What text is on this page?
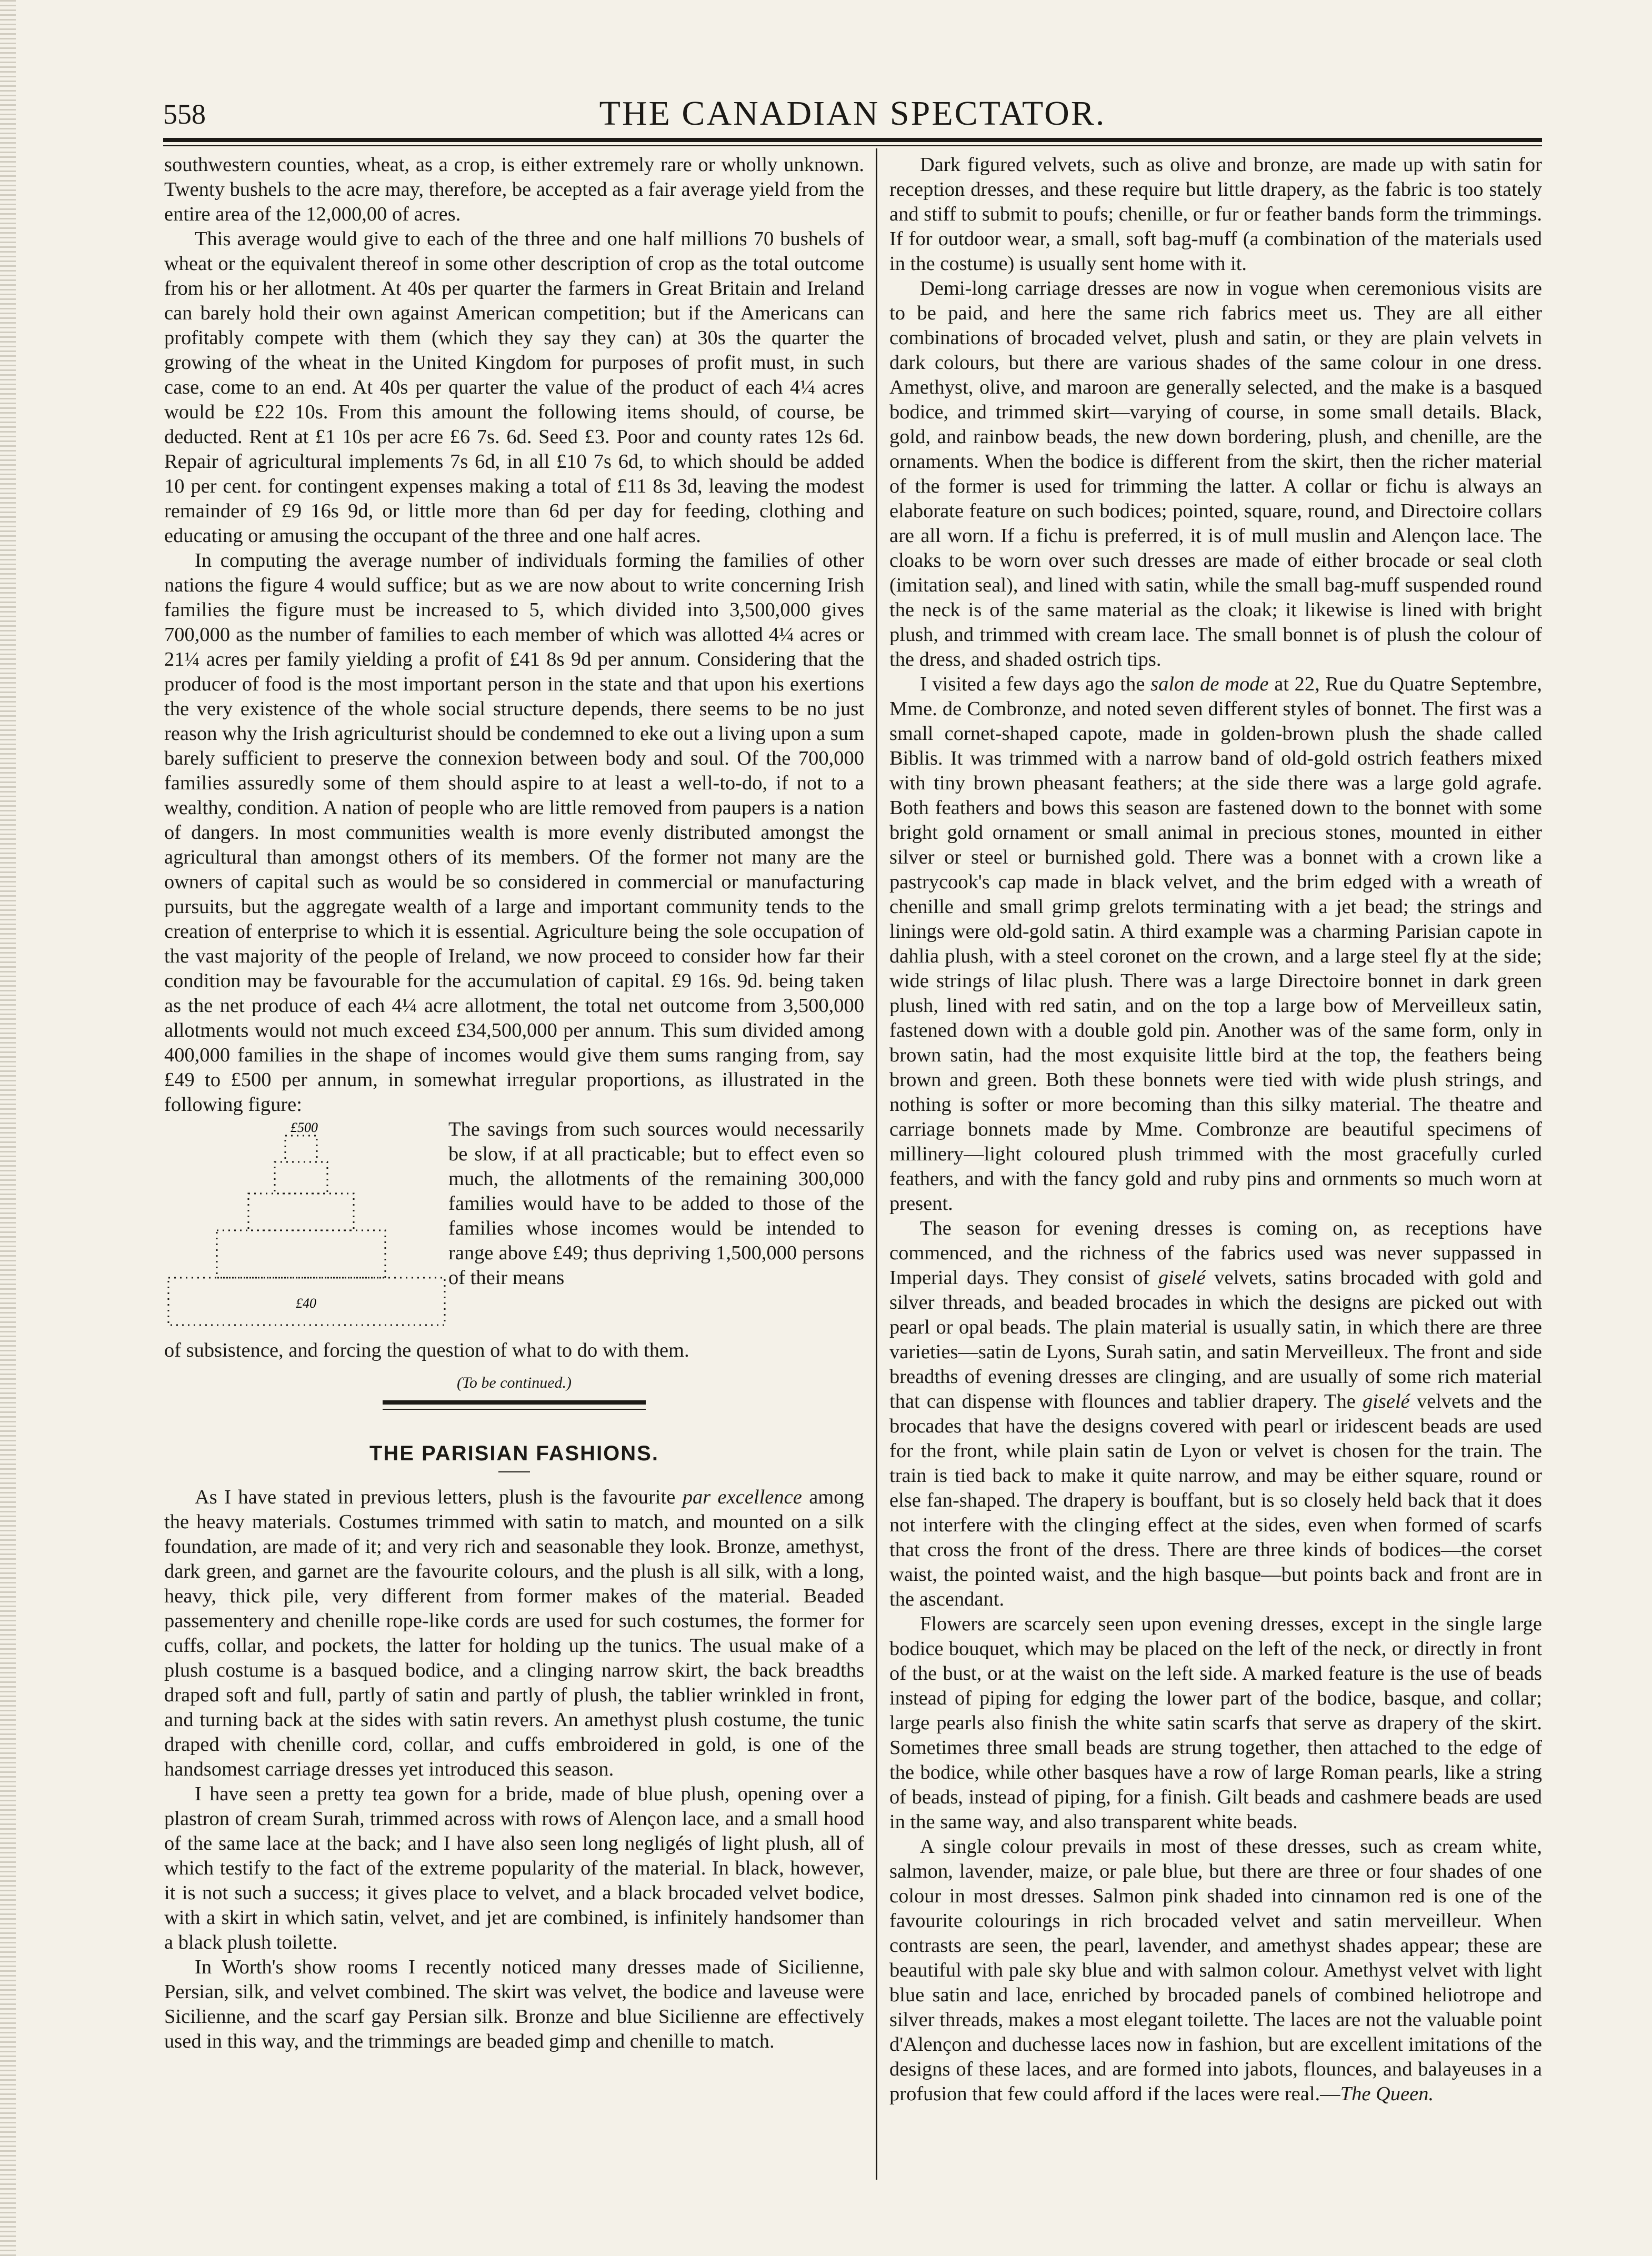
558	THE CANADIAN SPECTATOR.

southwestern counties, wheat, as a crop, is either extremely rare or wholly unknown. Twenty bushels to the acre may, therefore, be accepted as a fair average yield from the entire area of the 12,000,00 of acres.

This average would give to each of the three and one half millions 70 bushels of wheat or the equivalent thereof in some other description of crop as the total outcome from his or her allotment. At 40s per quarter the farmers in Great Britain and Ireland can barely hold their own against American competition; but if the Americans can profitably compete with them (which they say they can) at 30s the quarter the growing of the wheat in the United Kingdom for purposes of profit must, in such case, come to an end. At 40s per quarter the value of the product of each 4¼ acres would be £22 10s. From this amount the following items should, of course, be deducted. Rent at £1 10s per acre £6 7s. 6d. Seed £3. Poor and county rates 12s 6d. Repair of agricultural implements 7s 6d, in all £10 7s 6d, to which should be added 10 per cent. for contingent expenses making a total of £11 8s 3d, leaving the modest remainder of £9 16s 9d, or little more than 6d per day for feeding, clothing and educating or amusing the occupant of the three and one half acres.

In computing the average number of individuals forming the families of other nations the figure 4 would suffice; but as we are now about to write concerning Irish families the figure must be increased to 5, which divided into 3,500,000 gives 700,000 as the number of families to each member of which was allotted 4¼ acres or 21¼ acres per family yielding a profit of £41 8s 9d per annum. Considering that the producer of food is the most important person in the state and that upon his exertions the very existence of the whole social structure depends, there seems to be no just reason why the Irish agriculturist should be condemned to eke out a living upon a sum barely sufficient to preserve the connexion between body and soul. Of the 700,000 families assuredly some of them should aspire to at least a well-to-do, if not to a wealthy, condition. A nation of people who are little removed from paupers is a nation of dangers. In most communities wealth is more evenly distributed amongst the agricultural than amongst others of its members. Of the former not many are the owners of capital such as would be so considered in commercial or manufacturing pursuits, but the aggregate wealth of a large and important community tends to the creation of enterprise to which it is essential. Agriculture being the sole occupation of the vast majority of the people of Ireland, we now proceed to consider how far their condition may be favourable for the accumulation of capital. £9 16s. 9d. being taken as the net produce of each 4¼ acre allotment, the total net outcome from 3,500,000 allotments would not much exceed £34,500,000 per annum. This sum divided among 400,000 families in the shape of incomes would give them sums ranging from, say £49 to £500 per annum, in somewhat irregular proportions, as illustrated in the following figure:

£500
£40
The savings from such sources would necessarily be slow, if at all practicable; but to effect even so much, the allotments of the remaining 300,000 families would have to be added to those of the families whose incomes would be intended to range above £49; thus depriving 1,500,000 persons of their means

of subsistence, and forcing the question of what to do with them.

(To be continued.)
THE PARISIAN FASHIONS.

As I have stated in previous letters, plush is the favourite par excellence among the heavy materials. Costumes trimmed with satin to match, and mounted on a silk foundation, are made of it; and very rich and seasonable they look. Bronze, amethyst, dark green, and garnet are the favourite colours, and the plush is all silk, with a long, heavy, thick pile, very different from former makes of the material. Beaded passementery and chenille rope-like cords are used for such costumes, the former for cuffs, collar, and pockets, the latter for holding up the tunics. The usual make of a plush costume is a basqued bodice, and a clinging narrow skirt, the back breadths draped soft and full, partly of satin and partly of plush, the tablier wrinkled in front, and turning back at the sides with satin revers. An amethyst plush costume, the tunic draped with chenille cord, collar, and cuffs embroidered in gold, is one of the handsomest carriage dresses yet introduced this season.

I have seen a pretty tea gown for a bride, made of blue plush, opening over a plastron of cream Surah, trimmed across with rows of Alençon lace, and a small hood of the same lace at the back; and I have also seen long negligés of light plush, all of which testify to the fact of the extreme popularity of the material. In black, however, it is not such a success; it gives place to velvet, and a black brocaded velvet bodice, with a skirt in which satin, velvet, and jet are combined, is infinitely handsomer than a black plush toilette.

In Worth's show rooms I recently noticed many dresses made of Sicilienne, Persian, silk, and velvet combined. The skirt was velvet, the bodice and laveuse were Sicilienne, and the scarf gay Persian silk. Bronze and blue Sicilienne are effectively used in this way, and the trimmings are beaded gimp and chenille to match.

Dark figured velvets, such as olive and bronze, are made up with satin for reception dresses, and these require but little drapery, as the fabric is too stately and stiff to submit to poufs; chenille, or fur or feather bands form the trimmings. If for outdoor wear, a small, soft bag-muff (a combination of the materials used in the costume) is usually sent home with it.

Demi-long carriage dresses are now in vogue when ceremonious visits are to be paid, and here the same rich fabrics meet us. They are all either combinations of brocaded velvet, plush and satin, or they are plain velvets in dark colours, but there are various shades of the same colour in one dress. Amethyst, olive, and maroon are generally selected, and the make is a basqued bodice, and trimmed skirt—varying of course, in some small details. Black, gold, and rainbow beads, the new down bordering, plush, and chenille, are the ornaments. When the bodice is different from the skirt, then the richer material of the former is used for trimming the latter. A collar or fichu is always an elaborate feature on such bodices; pointed, square, round, and Directoire collars are all worn. If a fichu is preferred, it is of mull muslin and Alençon lace. The cloaks to be worn over such dresses are made of either brocade or seal cloth (imitation seal), and lined with satin, while the small bag-muff suspended round the neck is of the same material as the cloak; it likewise is lined with bright plush, and trimmed with cream lace. The small bonnet is of plush the colour of the dress, and shaded ostrich tips.

I visited a few days ago the salon de mode at 22, Rue du Quatre Septembre, Mme. de Combronze, and noted seven different styles of bonnet. The first was a small cornet-shaped capote, made in golden-brown plush the shade called Biblis. It was trimmed with a narrow band of old-gold ostrich feathers mixed with tiny brown pheasant feathers; at the side there was a large gold agrafe. Both feathers and bows this season are fastened down to the bonnet with some bright gold ornament or small animal in precious stones, mounted in either silver or steel or burnished gold. There was a bonnet with a crown like a pastrycook's cap made in black velvet, and the brim edged with a wreath of chenille and small grimp grelots terminating with a jet bead; the strings and linings were old-gold satin. A third example was a charming Parisian capote in dahlia plush, with a steel coronet on the crown, and a large steel fly at the side; wide strings of lilac plush. There was a large Directoire bonnet in dark green plush, lined with red satin, and on the top a large bow of Merveilleux satin, fastened down with a double gold pin. Another was of the same form, only in brown satin, had the most exquisite little bird at the top, the feathers being brown and green. Both these bonnets were tied with wide plush strings, and nothing is softer or more becoming than this silky material. The theatre and carriage bonnets made by Mme. Combronze are beautiful specimens of millinery—light coloured plush trimmed with the most gracefully curled feathers, and with the fancy gold and ruby pins and ornments so much worn at present.

The season for evening dresses is coming on, as receptions have commenced, and the richness of the fabrics used was never suppassed in Imperial days. They consist of giselé velvets, satins brocaded with gold and silver threads, and beaded brocades in which the designs are picked out with pearl or opal beads. The plain material is usually satin, in which there are three varieties—satin de Lyons, Surah satin, and satin Merveilleux. The front and side breadths of evening dresses are clinging, and are usually of some rich material that can dispense with flounces and tablier drapery. The giselé velvets and the brocades that have the designs covered with pearl or iridescent beads are used for the front, while plain satin de Lyon or velvet is chosen for the train. The train is tied back to make it quite narrow, and may be either square, round or else fan-shaped. The drapery is bouffant, but is so closely held back that it does not interfere with the clinging effect at the sides, even when formed of scarfs that cross the front of the dress. There are three kinds of bodices—the corset waist, the pointed waist, and the high basque—but points back and front are in the ascendant.

Flowers are scarcely seen upon evening dresses, except in the single large bodice bouquet, which may be placed on the left of the neck, or directly in front of the bust, or at the waist on the left side. A marked feature is the use of beads instead of piping for edging the lower part of the bodice, basque, and collar; large pearls also finish the white satin scarfs that serve as drapery of the skirt. Sometimes three small beads are strung together, then attached to the edge of the bodice, while other basques have a row of large Roman pearls, like a string of beads, instead of piping, for a finish. Gilt beads and cashmere beads are used in the same way, and also transparent white beads.

A single colour prevails in most of these dresses, such as cream white, salmon, lavender, maize, or pale blue, but there are three or four shades of one colour in most dresses. Salmon pink shaded into cinnamon red is one of the favourite colourings in rich brocaded velvet and satin merveilleur. When contrasts are seen, the pearl, lavender, and amethyst shades appear; these are beautiful with pale sky blue and with salmon colour. Amethyst velvet with light blue satin and lace, enriched by brocaded panels of combined heliotrope and silver threads, makes a most elegant toilette. The laces are not the valuable point d'Alençon and duchesse laces now in fashion, but are excellent imitations of the designs of these laces, and are formed into jabots, flounces, and balayeuses in a profusion that few could afford if the laces were real.—The Queen.
